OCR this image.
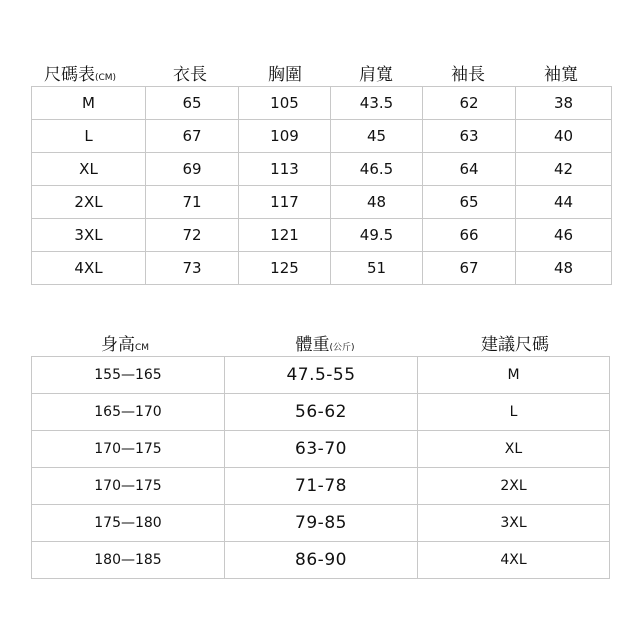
尺碼表(CM)	衣長	胸圍	肩寬	袖長	袖寬
M	65	105	43.5	62	38
L	67	109	45	63	40
XL	69	113	46.5	64	42
2XL	71	117	48	65	44
3XL	72	121	49.5	66	46
4XL	73	125	51	67	48
身高CM	體重(公斤)	建議尺碼
155—165	47.5-55	M
165—170	56-62	L
170—175	63-70	XL
170—175	71-78	2XL
175—180	79-85	3XL
180—185	86-90	4XL
